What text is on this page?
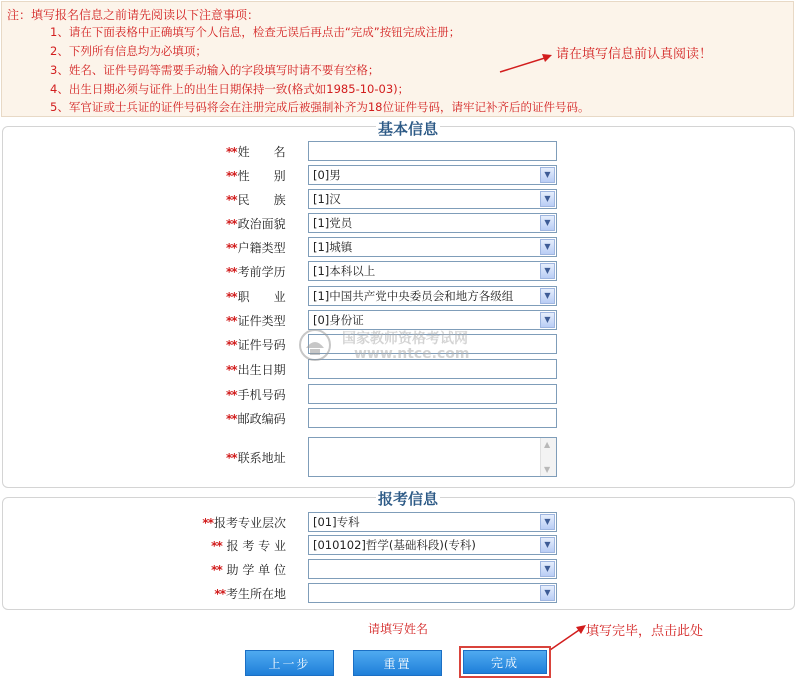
注：填写报名信息之前请先阅读以下注意事项：
1、请在下面表格中正确填写个人信息，检查无误后再点击“完成”按钮完成注册；
2、下列所有信息均为必填项；
3、姓名、证件号码等需要手动输入的字段填写时请不要有空格；
4、出生日期必须与证件上的出生日期保持一致(格式如1985-10-03)；
5、军官证或士兵证的证件号码将会在注册完成后被强制补齐为18位证件号码，请牢记补齐后的证件号码。
请在填写信息前认真阅读！
基本信息
**姓　　名
**性　　别	[0]男	▼
**民　　族	[1]汉	▼
**政治面貌	[1]党员	▼
**户籍类型	[1]城镇	▼
**考前学历	[1]本科以上	▼
**职　　业	[1]中国共产党中央委员会和地方各级组	▼
**证件类型	[0]身份证	▼
**证件号码
**出生日期
**手机号码
**邮政编码
**联系地址
▲
▼
报考信息
**报考专业层次	[01]专科	▼
** 报 考 专 业	[010102]哲学(基础科段)(专科)	▼
** 助 学 单 位	▼
**考生所在地	▼
国家教师资格考试网
www.ntce.com
请填写姓名	填写完毕，点击此处
上一步	重置	完成
